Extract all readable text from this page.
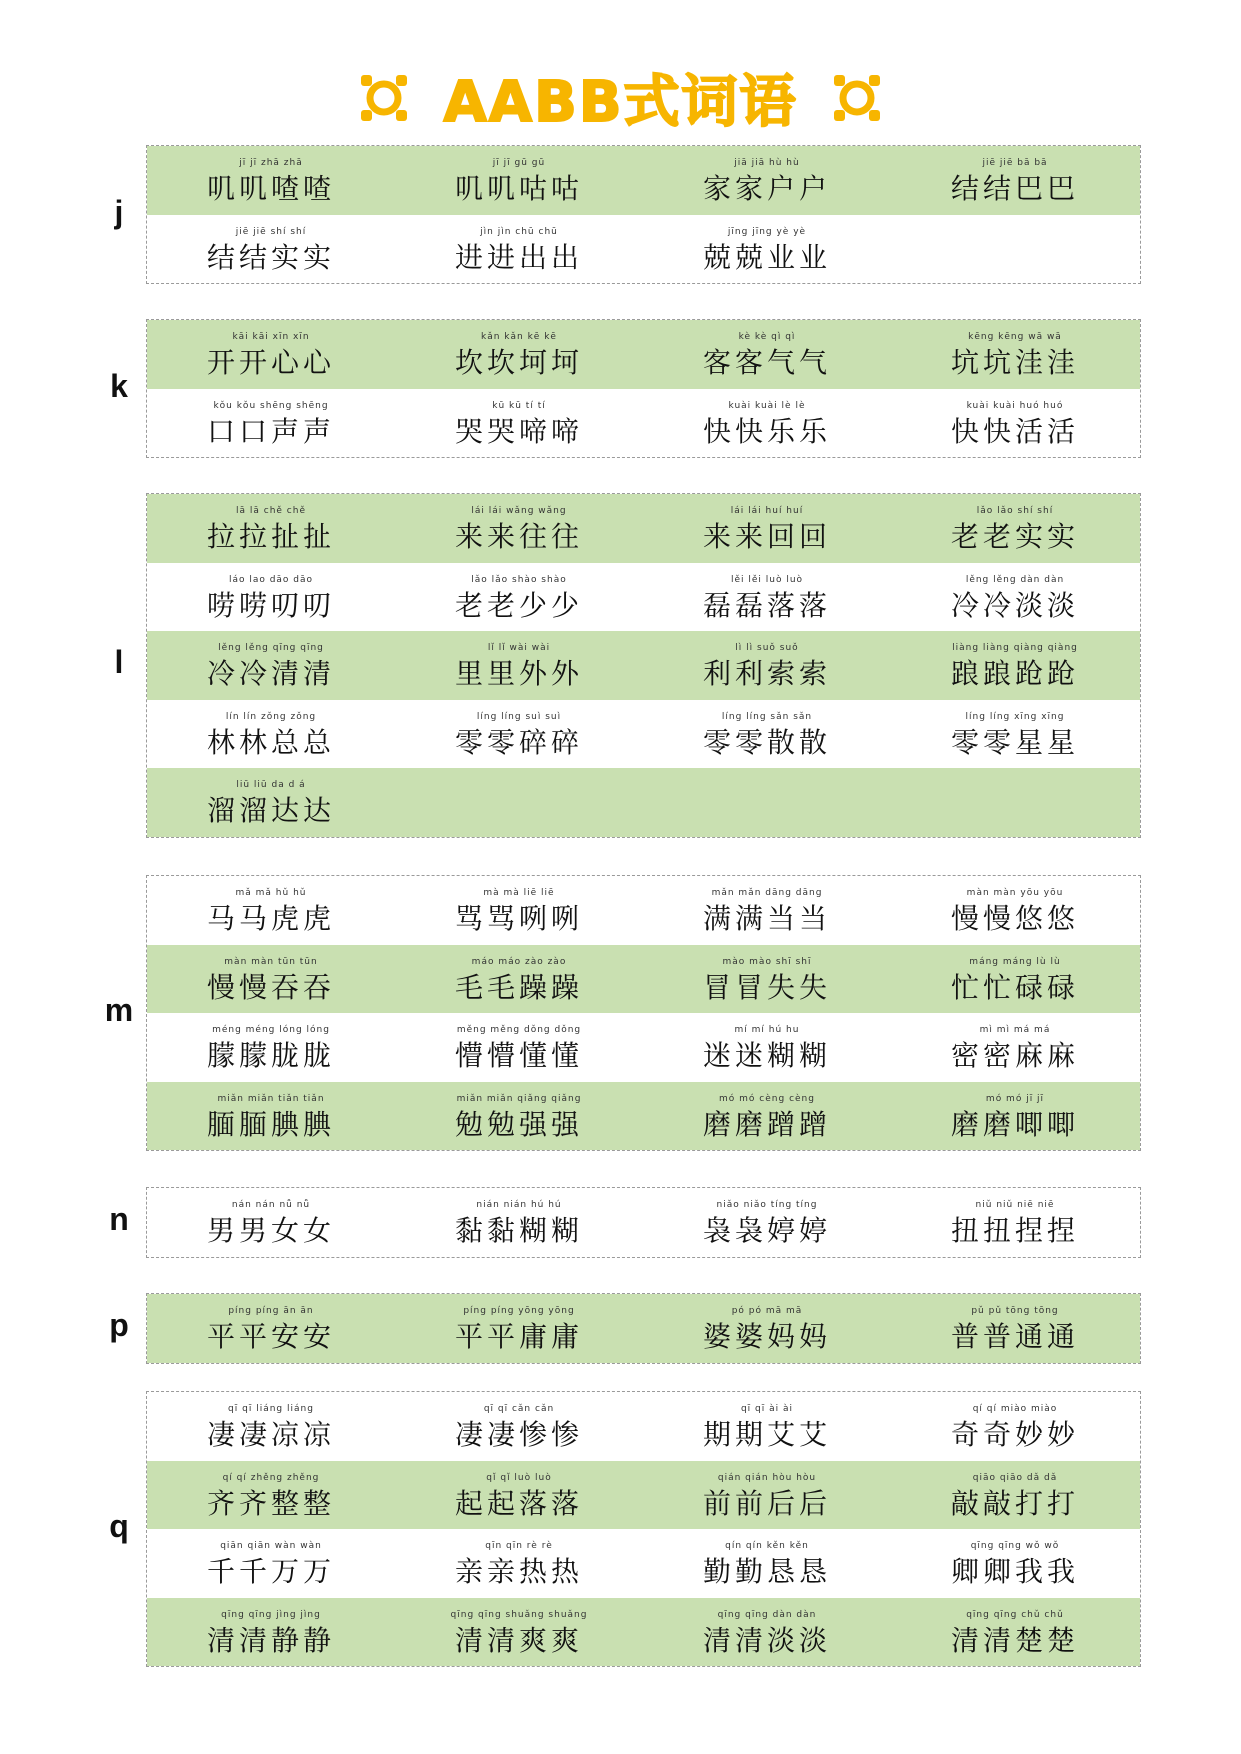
AABB式词语
j
jī jī zhā zhā
叽叽喳喳
jī jī gū gū
叽叽咕咕
jiā jiā hù hù
家家户户
jiē jiē bā bā
结结巴巴
jiē jiē shí shí
结结实实
jìn jìn chū chū
进进出出
jīng jīng yè yè
兢兢业业
k
kāi kāi xīn xīn
开开心心
kǎn kǎn kē kē
坎坎坷坷
kè kè qì qì
客客气气
kēng kēng wā wā
坑坑洼洼
kǒu kǒu shēng shēng
口口声声
kū kū tí tí
哭哭啼啼
kuài kuài lè lè
快快乐乐
kuài kuài huó huó
快快活活
l
lā lā chě chě
拉拉扯扯
lái lái wǎng wǎng
来来往往
lái lái huí huí
来来回回
lǎo lǎo shí shí
老老实实
láo lao dāo dāo
唠唠叨叨
lǎo lǎo shào shào
老老少少
lěi lěi luò luò
磊磊落落
lěng lěng dàn dàn
冷冷淡淡
lěng lěng qīng qīng
冷冷清清
lǐ lǐ wài wài
里里外外
lì lì suǒ suǒ
利利索索
liàng liàng qiàng qiàng
踉踉跄跄
lín lín zǒng zǒng
林林总总
líng líng suì suì
零零碎碎
líng líng sǎn sǎn
零零散散
líng líng xīng xīng
零零星星
liū liū da d á
溜溜达达
m
mǎ mǎ hǔ hǔ
马马虎虎
mà mà liē liē
骂骂咧咧
mǎn mǎn dāng dāng
满满当当
màn màn yōu yōu
慢慢悠悠
màn màn tūn tūn
慢慢吞吞
máo máo zào zào
毛毛躁躁
mào mào shī shī
冒冒失失
máng máng lù lù
忙忙碌碌
méng méng lóng lóng
朦朦胧胧
měng měng dǒng dǒng
懵懵懂懂
mí mí hú hu
迷迷糊糊
mì mì má má
密密麻麻
miǎn miǎn tiǎn tiǎn
腼腼腆腆
miǎn miǎn qiǎng qiǎng
勉勉强强
mó mó cèng cèng
磨磨蹭蹭
mó mó jī jī
磨磨唧唧
n	nán nán nǚ nǚ
男男女女
nián nián hú hú
黏黏糊糊
niǎo niǎo tíng tíng
袅袅婷婷
niǔ niǔ niē niē
扭扭捏捏
p	píng píng ān ān
平平安安
píng píng yōng yōng
平平庸庸
pó pó mā mā
婆婆妈妈
pǔ pǔ tōng tōng
普普通通
q
qī qī liáng liáng
凄凄凉凉
qī qī cǎn cǎn
凄凄惨惨
qī qī ài ài
期期艾艾
qí qí miào miào
奇奇妙妙
qí qí zhěng zhěng
齐齐整整
qǐ qǐ luò luò
起起落落
qián qián hòu hòu
前前后后
qiāo qiāo dǎ dǎ
敲敲打打
qiān qiān wàn wàn
千千万万
qīn qīn rè rè
亲亲热热
qín qín kěn kěn
勤勤恳恳
qīng qīng wǒ wǒ
卿卿我我
qīng qīng jìng jìng
清清静静
qīng qīng shuǎng shuǎng
清清爽爽
qīng qīng dàn dàn
清清淡淡
qīng qīng chǔ chǔ
清清楚楚
